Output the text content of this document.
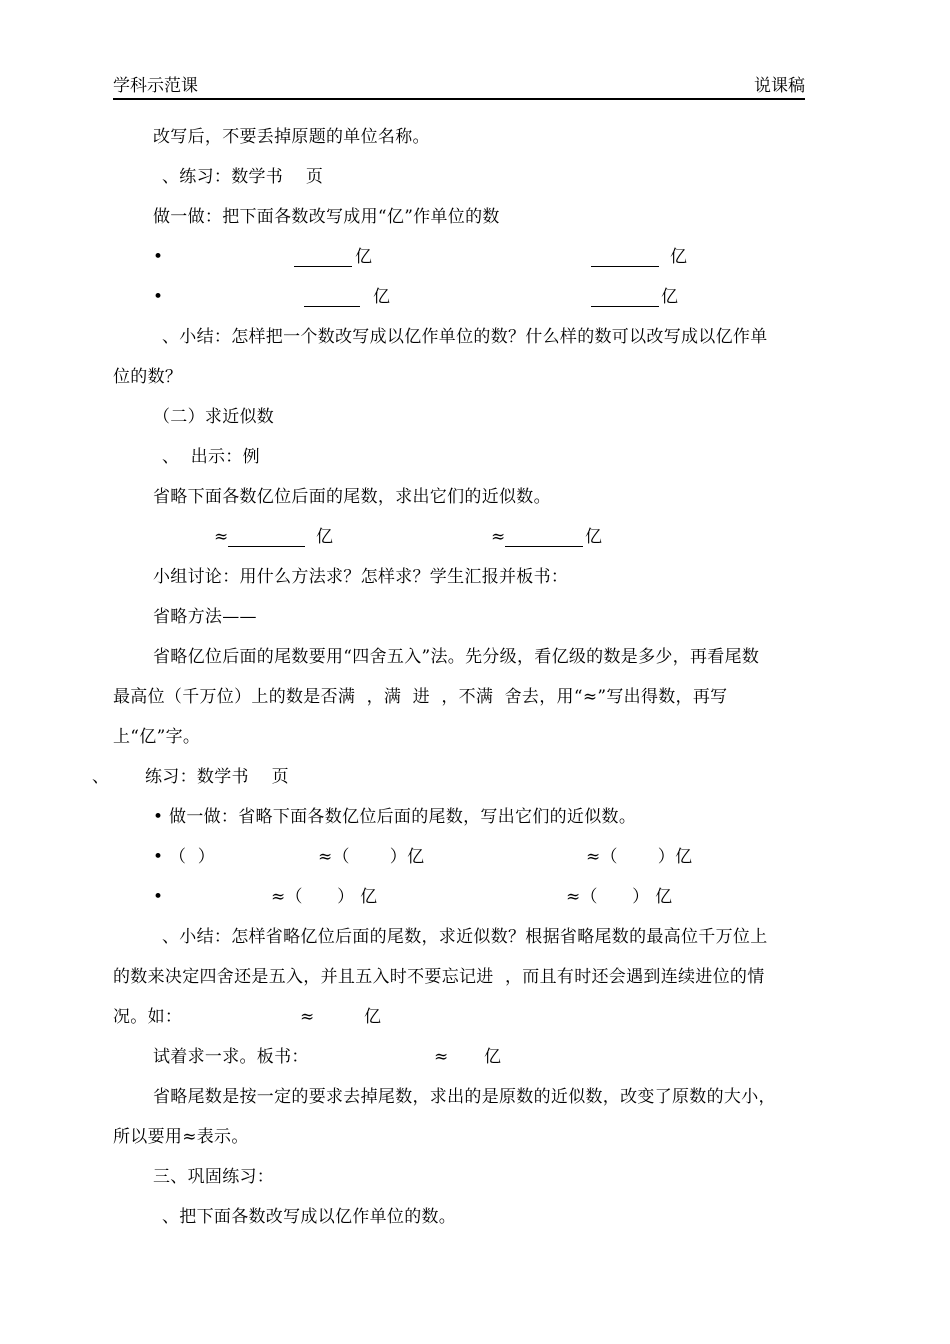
学科示范课	说课稿
改写后，不要丢掉原题的单位名称。
、练习：数学书    页
做一做：把下面各数改写成用“亿”作单位的数
•	亿	亿
•	亿	亿
、小结：怎样把一个数改写成以亿作单位的数？什么样的数可以改写成以亿作单
位的数？
（二）求近似数
、  出示：例
省略下面各数亿位后面的尾数，求出它们的近似数。
≈	亿	≈	亿
小组讨论：用什么方法求？怎样求？学生汇报并板书：
省略方法——
省略亿位后面的尾数要用“四舍五入”法。先分级，看亿级的数是多少，再看尾数
最高位（千万位）上的数是否满  ，满  进  ，不满  舍去，用“≈”写出得数，再写
上“亿”字。
、 练习：数学书    页
• 做一做：省略下面各数亿位后面的尾数，写出它们的近似数。
• （  ）	≈（       ）亿	≈（       ）亿
•	≈（      ） 亿	≈（      ） 亿
、小结：怎样省略亿位后面的尾数，求近似数？根据省略尾数的最高位千万位上
的数来决定四舍还是五入，并且五入时不要忘记进  ，而且有时还会遇到连续进位的情
况。如：	≈	亿
试着求一求。板书：	≈ 亿
省略尾数是按一定的要求去掉尾数，求出的是原数的近似数，改变了原数的大小，
所以要用≈表示。
三、巩固练习：
、把下面各数改写成以亿作单位的数。
